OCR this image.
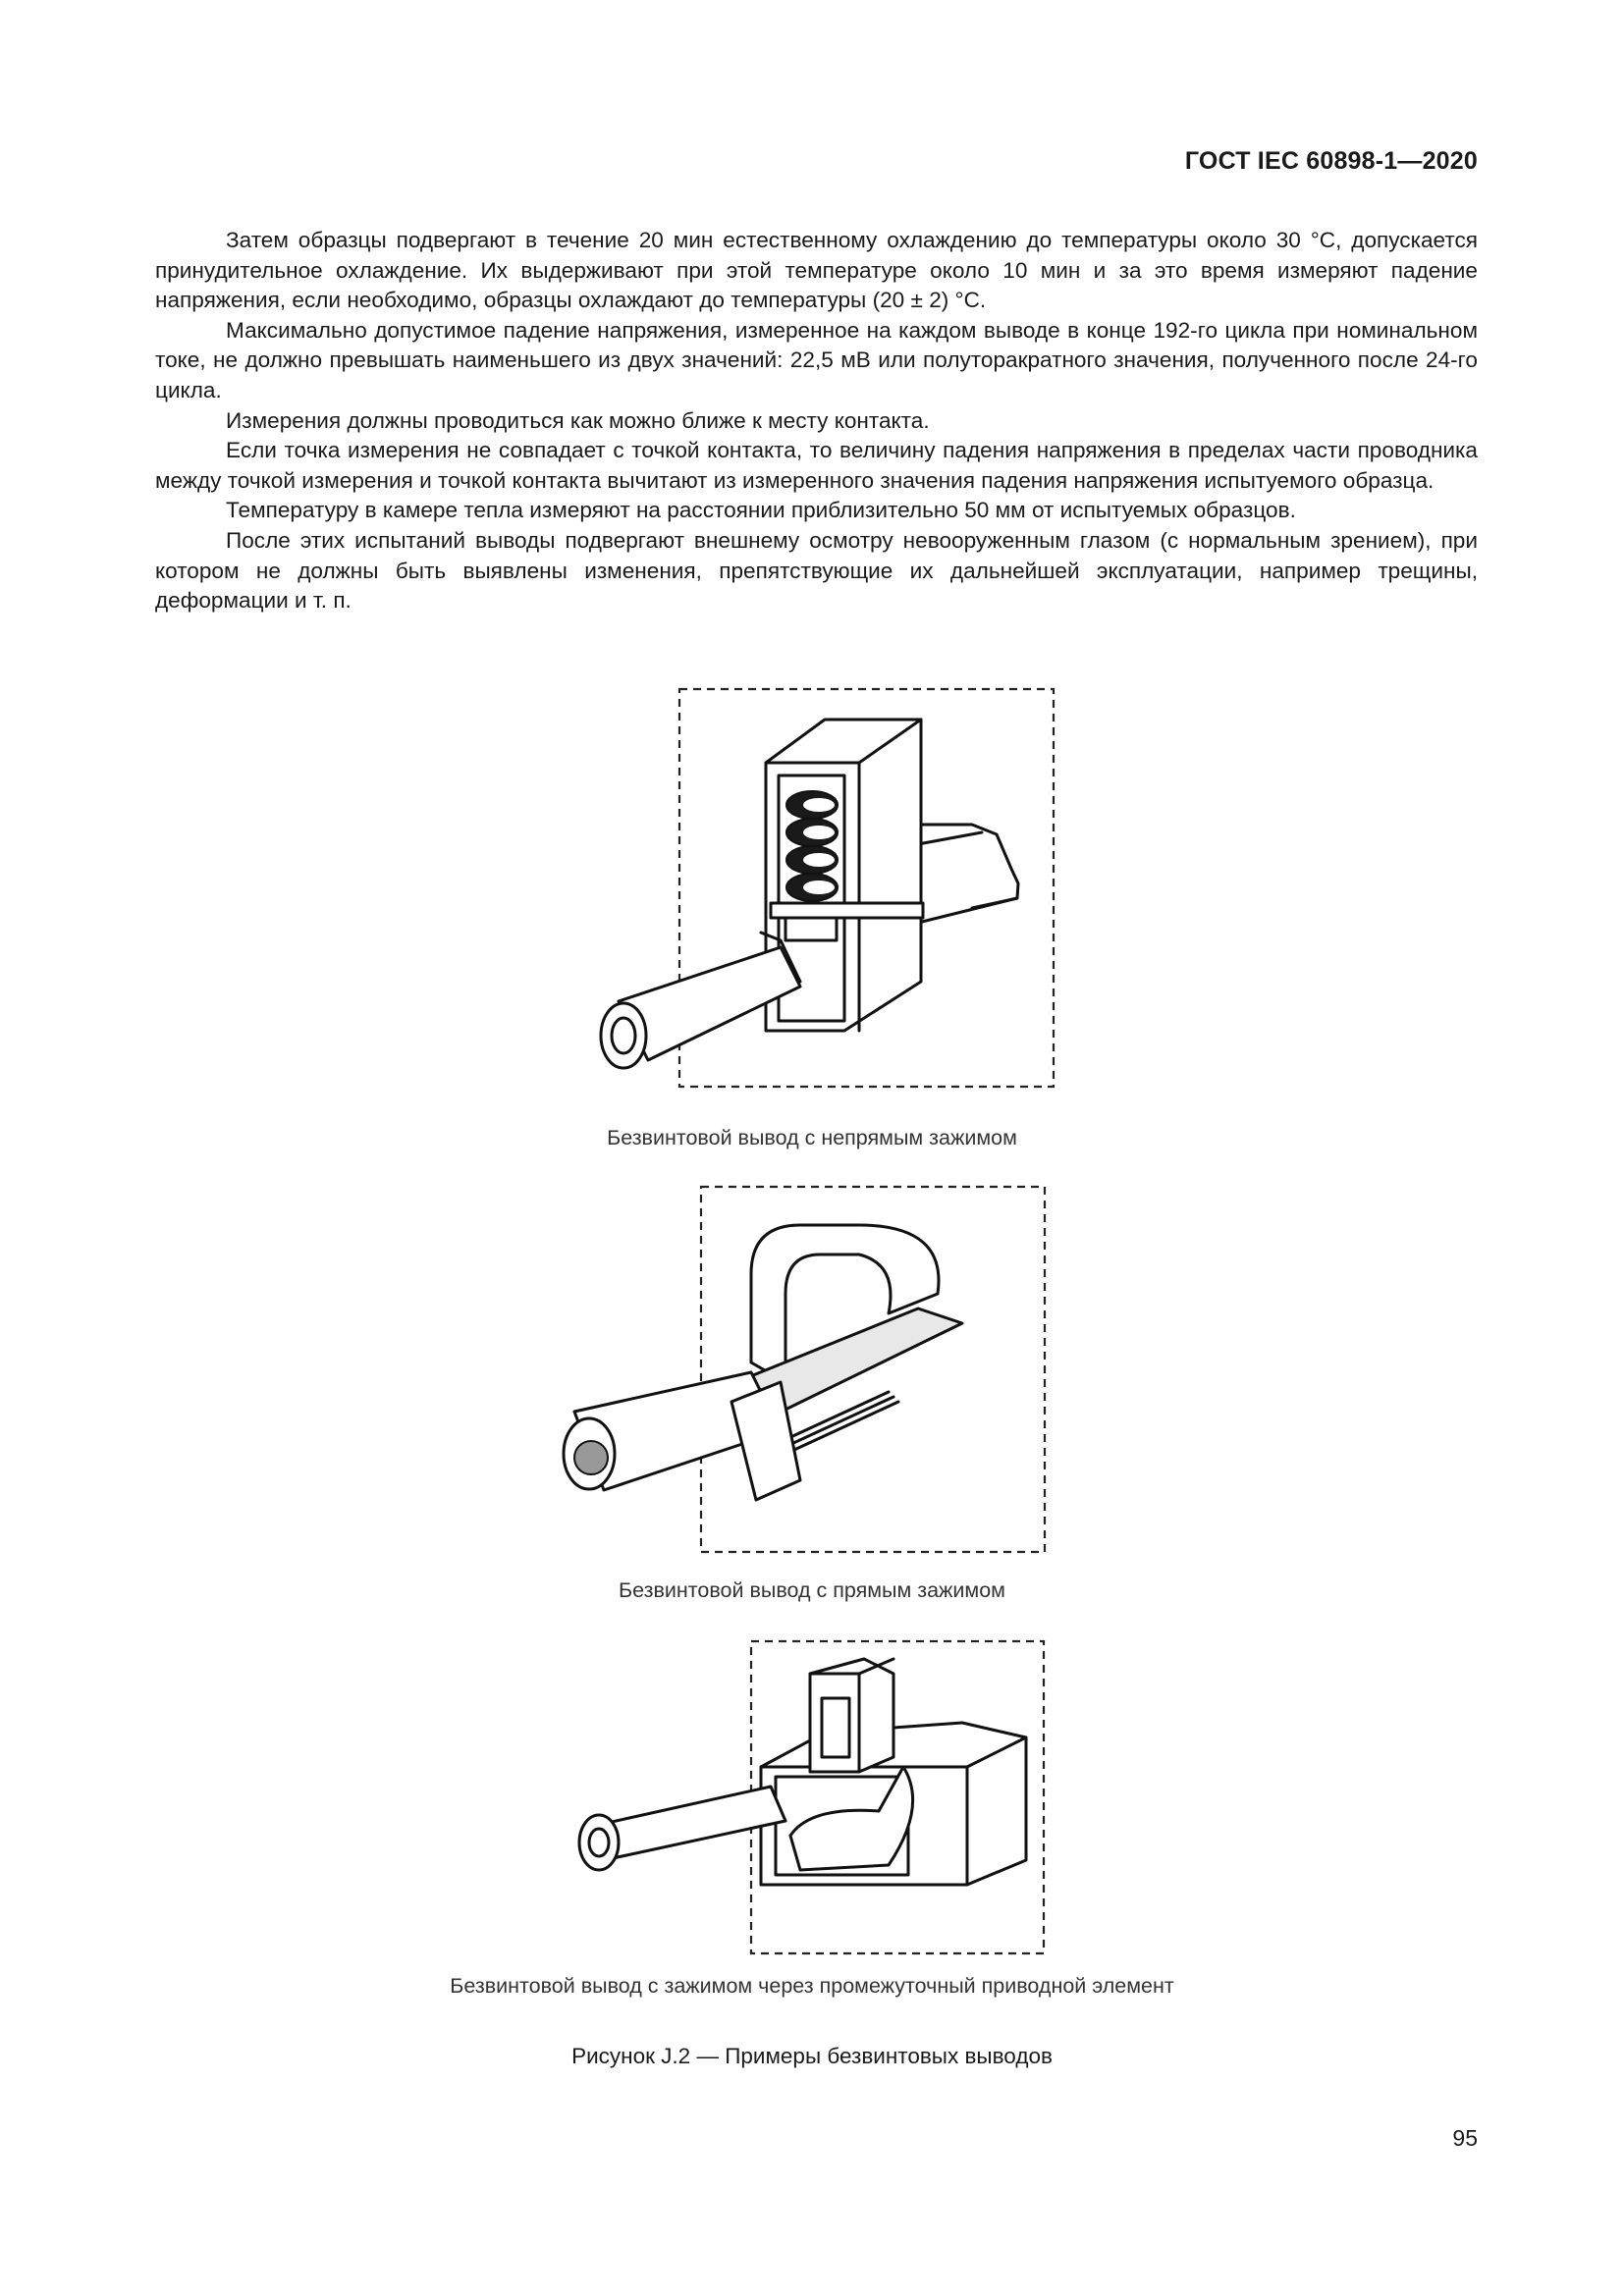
ГОСТ IEC 60898-1—2020

Затем образцы подвергают в течение 20 мин естественному охлаждению до температуры около 30 °С, допускается принудительное охлаждение. Их выдерживают при этой температуре около 10 мин и за это время измеряют падение напряжения, если необходимо, образцы охлаждают до температуры (20 ± 2) °С.

Максимально допустимое падение напряжения, измеренное на каждом выводе в конце 192-го цикла при номинальном токе, не должно превышать наименьшего из двух значений: 22,5 мВ или полуторакратного значения, полученного после 24-го цикла.

Измерения должны проводиться как можно ближе к месту контакта.

Если точка измерения не совпадает с точкой контакта, то величину падения напряжения в пределах части проводника между точкой измерения и точкой контакта вычитают из измеренного значения падения напряжения испытуемого образца.

Температуру в камере тепла измеряют на расстоянии приблизительно 50 мм от испытуемых образцов.

После этих испытаний выводы подвергают внешнему осмотру невооруженным глазом (с нормальным зрением), при котором не должны быть выявлены изменения, препятствующие их дальнейшей эксплуатации, например трещины, деформации и т. п.

Безвинтовой вывод с непрямым зажимом
Безвинтовой вывод с прямым зажимом
Безвинтовой вывод с зажимом через промежуточный приводной элемент
Рисунок J.2 — Примеры безвинтовых выводов
95
